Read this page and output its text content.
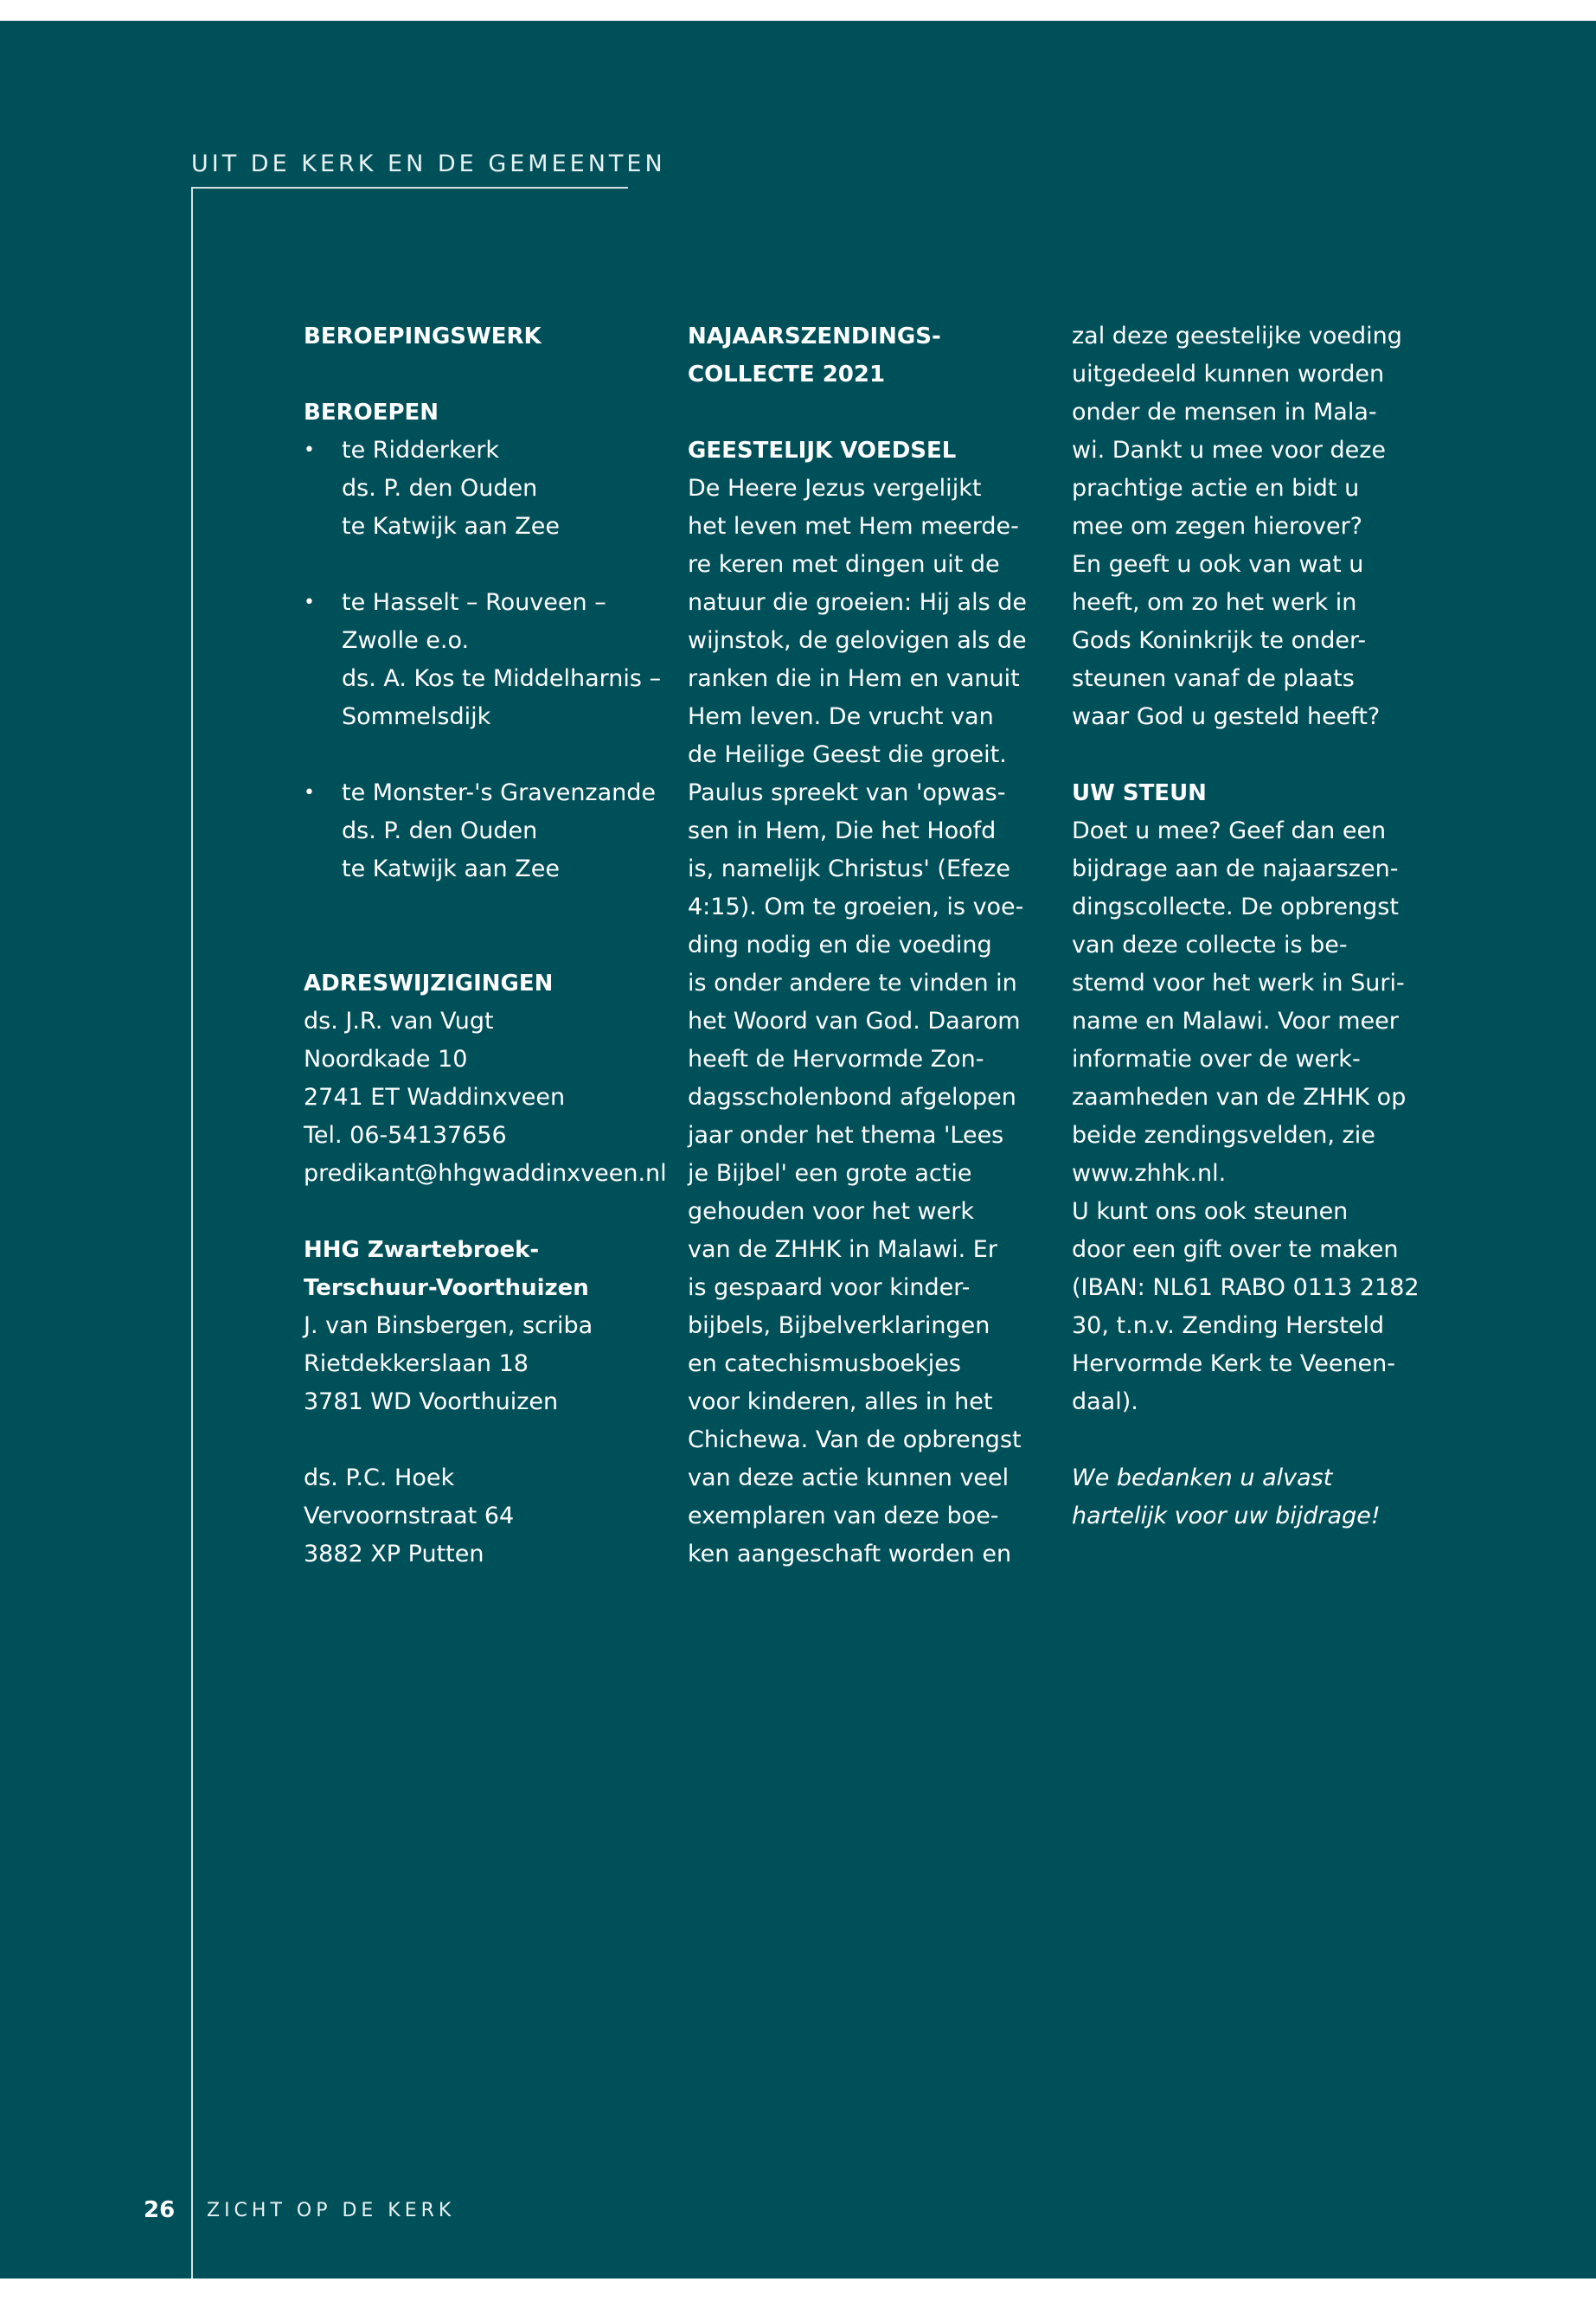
UIT DE KERK EN DE GEMEENTEN

BEROEPINGSWERK

BEROEPEN

• te Ridderkerk

ds. P. den Ouden

te Katwijk aan Zee

• te Hasselt – Rouveen –

Zwolle e.o.

ds. A. Kos te Middelharnis –

Sommelsdijk

• te Monster-'s Gravenzande

ds. P. den Ouden

te Katwijk aan Zee

ADRESWIJZIGINGEN

ds. J.R. van Vugt

Noordkade 10

2741 ET Waddinxveen

Tel. 06-54137656

predikant@hhgwaddinxveen.nl

HHG Zwartebroek-

Terschuur-Voorthuizen

J. van Binsbergen, scriba

Rietdekkerslaan 18

3781 WD Voorthuizen

ds. P.C. Hoek

Vervoornstraat 64

3882 XP Putten

NAJAARSZENDINGS-

COLLECTE 2021

GEESTELIJK VOEDSEL

De Heere Jezus vergelijkt

het leven met Hem meerde-

re keren met dingen uit de

natuur die groeien: Hij als de

wijnstok, de gelovigen als de

ranken die in Hem en vanuit

Hem leven. De vrucht van

de Heilige Geest die groeit.

Paulus spreekt van 'opwas-

sen in Hem, Die het Hoofd

is, namelijk Christus' (Efeze

4:15). Om te groeien, is voe-

ding nodig en die voeding

is onder andere te vinden in

het Woord van God. Daarom

heeft de Hervormde Zon-

dagsscholenbond afgelopen

jaar onder het thema 'Lees

je Bijbel' een grote actie

gehouden voor het werk

van de ZHHK in Malawi. Er

is gespaard voor kinder-

bijbels, Bijbelverklaringen

en catechismusboekjes

voor kinderen, alles in het

Chichewa. Van de opbrengst

van deze actie kunnen veel

exemplaren van deze boe-

ken aangeschaft worden en

zal deze geestelijke voeding

uitgedeeld kunnen worden

onder de mensen in Mala-

wi. Dankt u mee voor deze

prachtige actie en bidt u

mee om zegen hierover?

En geeft u ook van wat u

heeft, om zo het werk in

Gods Koninkrijk te onder-

steunen vanaf de plaats

waar God u gesteld heeft?

UW STEUN

Doet u mee? Geef dan een

bijdrage aan de najaarszen-

dingscollecte. De opbrengst

van deze collecte is be-

stemd voor het werk in Suri-

name en Malawi. Voor meer

informatie over de werk-

zaamheden van de ZHHK op

beide zendingsvelden, zie

www.zhhk.nl.

U kunt ons ook steunen

door een gift over te maken

(IBAN: NL61 RABO 0113 2182

30, t.n.v. Zending Hersteld

Hervormde Kerk te Veenen-

daal).

We bedanken u alvast

hartelijk voor uw bijdrage!

26 ZICHT OP DE KERK
